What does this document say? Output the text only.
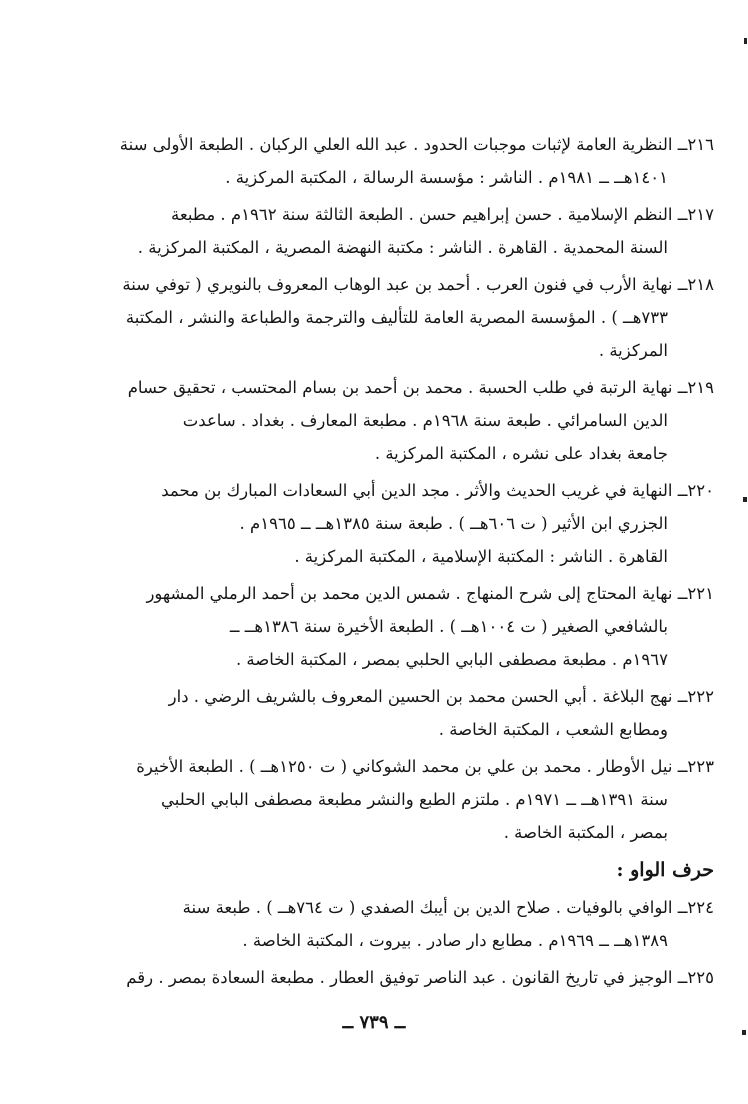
٢١٦ــ النظرية العامة لإثبات موجبات الحدود . عبد الله العلي الركبان . الطبعة الأولى سنة
١٤٠١هــ ــ ١٩٨١م . الناشر : مؤسسة الرسالة ، المكتبة المركزية .
٢١٧ــ النظم الإسلامية . حسن إبراهيم حسن . الطبعة الثالثة سنة ١٩٦٢م . مطبعة
السنة المحمدية . القاهرة . الناشر : مكتبة النهضة المصرية ، المكتبة المركزية .
٢١٨ــ نهاية الأرب في فنون العرب . أحمد بن عبد الوهاب المعروف بالنويري ( توفي سنة
٧٣٣هــ ) . المؤسسة المصرية العامة للتأليف والترجمة والطباعة والنشر ، المكتبة
المركزية .
٢١٩ــ نهاية الرتبة في طلب الحسبة . محمد بن أحمد بن بسام المحتسب ، تحقيق حسام
الدين السامرائي . طبعة سنة ١٩٦٨م . مطبعة المعارف . بغداد . ساعدت
جامعة بغداد على نشره ، المكتبة المركزية .
٢٢٠ــ النهاية في غريب الحديث والأثر . مجد الدين أبي السعادات المبارك بن محمد
الجزري ابن الأثير ( ت ٦٠٦هــ ) . طبعة سنة ١٣٨٥هــ ــ ١٩٦٥م .
القاهرة . الناشر : المكتبة الإسلامية ، المكتبة المركزية .
٢٢١ــ نهاية المحتاج إلى شرح المنهاج . شمس الدين محمد بن أحمد الرملي المشهور
بالشافعي الصغير ( ت ١٠٠٤هــ ) . الطبعة الأخيرة سنة ١٣٨٦هــ ــ
١٩٦٧م . مطبعة مصطفى البابي الحلبي بمصر ، المكتبة الخاصة .
٢٢٢ــ نهج البلاغة . أبي الحسن محمد بن الحسين المعروف بالشريف الرضي . دار
ومطابع الشعب ، المكتبة الخاصة .
٢٢٣ــ نيل الأوطار . محمد بن علي بن محمد الشوكاني ( ت ١٢٥٠هــ ) . الطبعة الأخيرة
سنة ١٣٩١هــ ــ ١٩٧١م . ملتزم الطبع والنشر مطبعة مصطفى البابي الحلبي
بمصر ، المكتبة الخاصة .
حرف الواو :
٢٢٤ــ الوافي بالوفيات . صلاح الدين بن أيبك الصفدي ( ت ٧٦٤هــ ) . طبعة سنة
١٣٨٩هــ ــ ١٩٦٩م . مطابع دار صادر . بيروت ، المكتبة الخاصة .
٢٢٥ــ الوجيز في تاريخ القانون . عبد الناصر توفيق العطار . مطبعة السعادة بمصر . رقم
ــ ٧٣٩ ــ
